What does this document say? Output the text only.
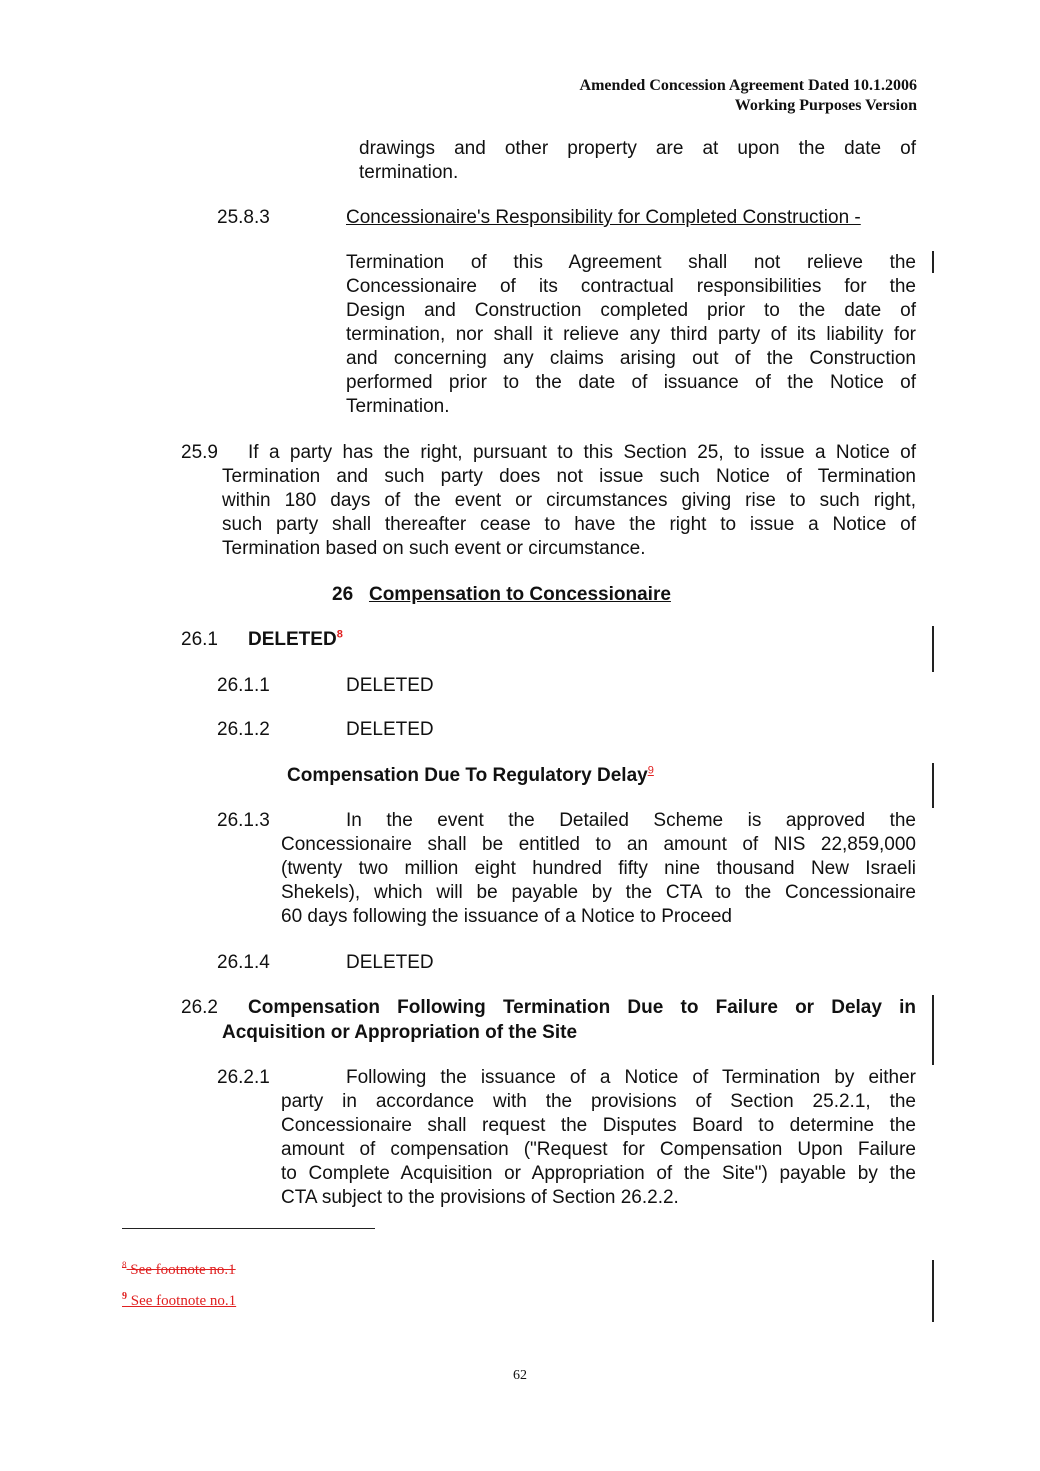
Amended Concession Agreement Dated 10.1.2006
Working Purposes Version
drawings and other property are at upon the date of
termination.
25.8.3	Concessionaire's Responsibility for Completed Construction -
Termination of this Agreement shall not relieve the
Concessionaire of its contractual responsibilities for the
Design and Construction completed prior to the date of
termination, nor shall it relieve any third party of its liability for
and concerning any claims arising out of the Construction
performed prior to the date of issuance of the Notice of
Termination.
25.9 If a party has the right, pursuant to this Section 25, to issue a Notice of
Termination and such party does not issue such Notice of Termination
within 180 days of the event or circumstances giving rise to such right,
such party shall thereafter cease to have the right to issue a Notice of
Termination based on such event or circumstance.
26 Compensation to Concessionaire
26.1 DELETED$^8$
26.1.1	DELETED
26.1.2	DELETED
Compensation Due To Regulatory Delay$^9$
26.1.3	In the event the Detailed Scheme is approved the
Concessionaire shall be entitled to an amount of NIS 22,859,000
(twenty two million eight hundred fifty nine thousand New Israeli
Shekels), which will be payable by the CTA to the Concessionaire
60 days following the issuance of a Notice to Proceed
26.1.4	DELETED
26.2 Compensation Following Termination Due to Failure or Delay in
Acquisition or Appropriation of the Site
26.2.1	Following the issuance of a Notice of Termination by either
party in accordance with the provisions of Section 25.2.1, the
Concessionaire shall request the Disputes Board to determine the
amount of compensation ("Request for Compensation Upon Failure
to Complete Acquisition or Appropriation of the Site") payable by the
CTA subject to the provisions of Section 26.2.2.
$^8$ See footnote no.1
$^9$ See footnote no.1
62
